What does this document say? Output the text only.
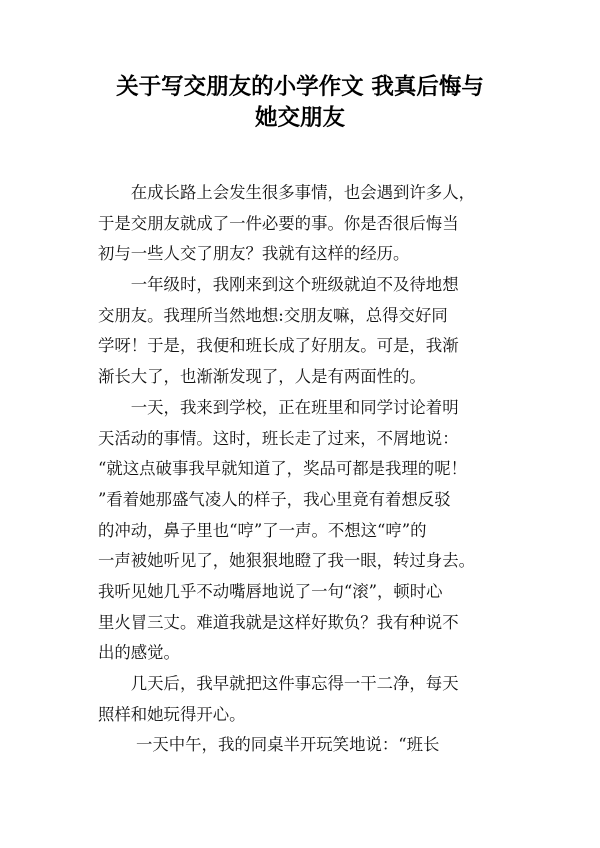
关于写交朋友的小学作文 我真后悔与
她交朋友
　　在成长路上会发生很多事情，也会遇到许多人，
于是交朋友就成了一件必要的事。你是否很后悔当
初与一些人交了朋友？我就有这样的经历。
　　一年级时，我刚来到这个班级就迫不及待地想
交朋友。我理所当然地想:交朋友嘛，总得交好同
学呀！于是，我便和班长成了好朋友。可是，我渐
渐长大了，也渐渐发现了，人是有两面性的。
　　一天，我来到学校，正在班里和同学讨论着明
天活动的事情。这时，班长走了过来，不屑地说：
“就这点破事我早就知道了，奖品可都是我理的呢！
”看着她那盛气凌人的样子，我心里竟有着想反驳
的冲动，鼻子里也“哼”了一声。不想这“哼”的
一声被她听见了，她狠狠地瞪了我一眼，转过身去。
我听见她几乎不动嘴唇地说了一句“滚”，顿时心
里火冒三丈。难道我就是这样好欺负？我有种说不
出的感觉。
　　几天后，我早就把这件事忘得一干二净，每天
照样和她玩得开心。
　　 一天中午，我的同桌半开玩笑地说：“班长
